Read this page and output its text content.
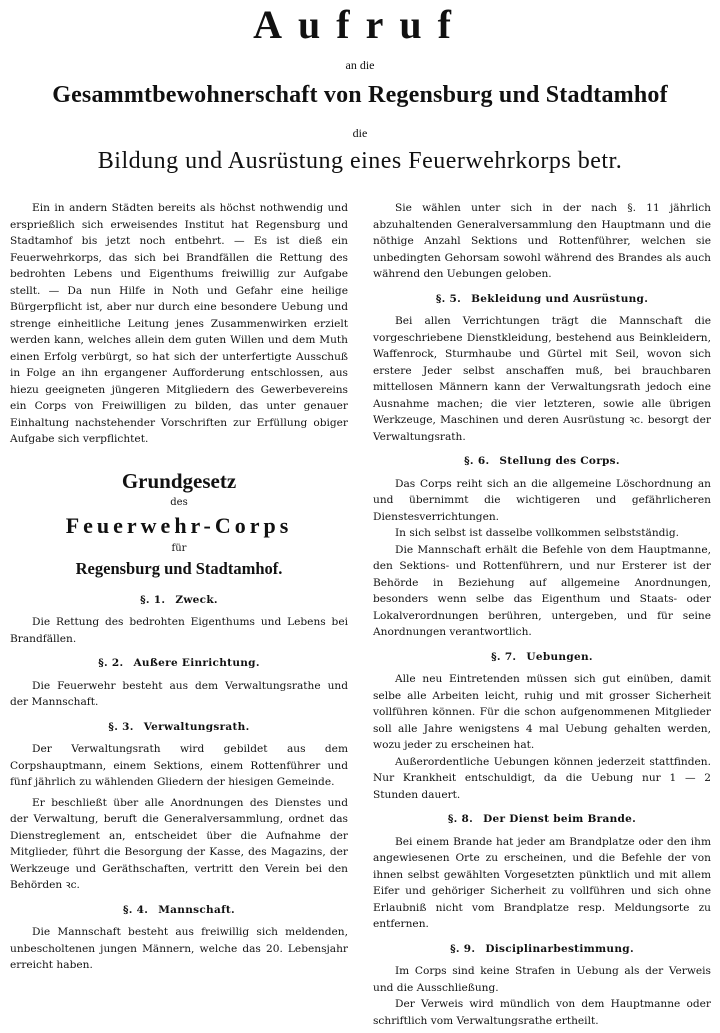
Aufruf
an die
Gesammtbewohnerschaft von Regensburg und Stadtamhof
die
Bildung und Ausrüstung eines Feuerwehrkorps betr.

Ein in andern Städten bereits als höchst nothwendig und ersprießlich sich erweisendes Institut hat Regensburg und Stadtamhof bis jetzt noch entbehrt. — Es ist dieß ein Feuerwehrkorps, das sich bei Brandfällen die Rettung des bedrohten Lebens und Eigenthums freiwillig zur Aufgabe stellt. — Da nun Hilfe in Noth und Gefahr eine heilige Bürgerpflicht ist, aber nur durch eine besondere Uebung und strenge einheitliche Leitung jenes Zusammenwirken erzielt werden kann, welches allein dem guten Willen und dem Muth einen Erfolg verbürgt, so hat sich der unterfertigte Ausschuß in Folge an ihn ergangener Aufforderung entschlossen, aus hiezu geeigneten jüngeren Mitgliedern des Gewerbevereins ein Corps von Freiwilligen zu bilden, das unter genauer Einhaltung nachstehender Vorschriften zur Erfüllung obiger Aufgabe sich verpflichtet.

Grundgesetz
des
Feuerwehr-Corps
für
Regensburg und Stadtamhof.
§. 1. Zweck.

Die Rettung des bedrohten Eigenthums und Lebens bei Brandfällen.

§. 2. Außere Einrichtung.

Die Feuerwehr besteht aus dem Verwaltungsrathe und der Mannschaft.

§. 3. Verwaltungsrath.

Der Verwaltungsrath wird gebildet aus dem Corpshauptmann, einem Sektions, einem Rottenführer und fünf jährlich zu wählenden Gliedern der hiesigen Gemeinde.

Er beschließt über alle Anordnungen des Dienstes und der Verwaltung, beruft die Generalversammlung, ordnet das Dienstreglement an, entscheidet über die Aufnahme der Mitglieder, führt die Besorgung der Kasse, des Magazins, der Werkzeuge und Geräthschaften, vertritt den Verein bei den Behörden ꝛc.

§. 4. Mannschaft.

Die Mannschaft besteht aus freiwillig sich meldenden, unbescholtenen jungen Männern, welche das 20. Lebensjahr erreicht haben.

Sie wählen unter sich in der nach §. 11 jährlich abzuhaltenden Generalversammlung den Hauptmann und die nöthige Anzahl Sektions und Rottenführer, welchen sie unbedingten Gehorsam sowohl während des Brandes als auch während den Uebungen geloben.

§. 5. Bekleidung und Ausrüstung.

Bei allen Verrichtungen trägt die Mannschaft die vorgeschriebene Dienstkleidung, bestehend aus Beinkleidern, Waffenrock, Sturmhaube und Gürtel mit Seil, wovon sich erstere Jeder selbst anschaffen muß, bei brauchbaren mittellosen Männern kann der Verwaltungsrath jedoch eine Ausnahme machen; die vier letzteren, sowie alle übrigen Werkzeuge, Maschinen und deren Ausrüstung ꝛc. besorgt der Verwaltungsrath.

§. 6. Stellung des Corps.

Das Corps reiht sich an die allgemeine Löschordnung an und übernimmt die wichtigeren und gefährlicheren Dienstesverrichtungen.

In sich selbst ist dasselbe vollkommen selbstständig.

Die Mannschaft erhält die Befehle von dem Hauptmanne, den Sektions- und Rottenführern, und nur Ersterer ist der Behörde in Beziehung auf allgemeine Anordnungen, besonders wenn selbe das Eigenthum und Staats- oder Lokalverordnungen berühren, untergeben, und für seine Anordnungen verantwortlich.

§. 7. Uebungen.

Alle neu Eintretenden müssen sich gut einüben, damit selbe alle Arbeiten leicht, ruhig und mit grosser Sicherheit vollführen können. Für die schon aufgenommenen Mitglieder soll alle Jahre wenigstens 4 mal Uebung gehalten werden, wozu jeder zu erscheinen hat.

Außerordentliche Uebungen können jederzeit stattfinden. Nur Krankheit entschuldigt, da die Uebung nur 1 — 2 Stunden dauert.

§. 8. Der Dienst beim Brande.

Bei einem Brande hat jeder am Brandplatze oder den ihm angewiesenen Orte zu erscheinen, und die Befehle der von ihnen selbst gewählten Vorgesetzten pünktlich und mit allem Eifer und gehöriger Sicherheit zu vollführen und sich ohne Erlaubniß nicht vom Brandplatze resp. Meldungsorte zu entfernen.

§. 9. Disciplinarbestimmung.

Im Corps sind keine Strafen in Uebung als der Verweis und die Ausschließung.

Der Verweis wird mündlich von dem Hauptmanne oder schriftlich vom Verwaltungsrathe ertheilt.
